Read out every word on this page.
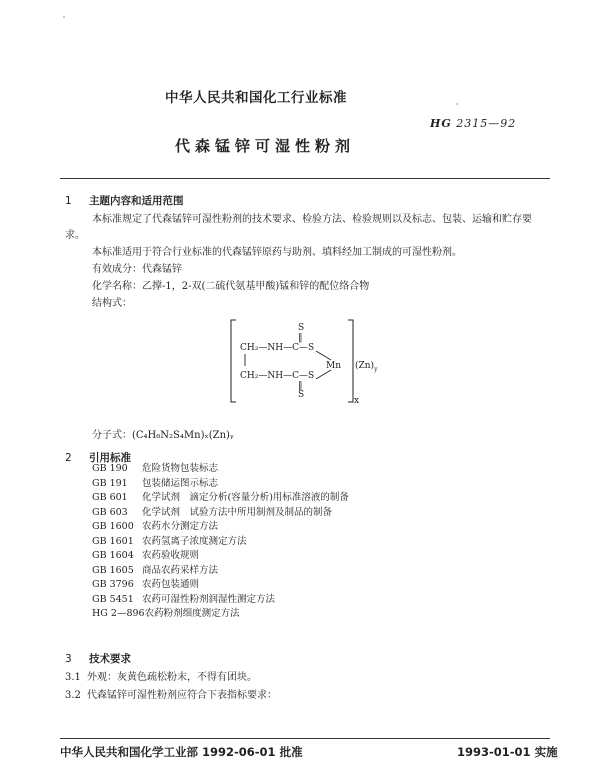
中华人民共和国化工行业标准
HG 2315—92
代森锰锌可湿性粉剂
1 主题内容和适用范围
本标准规定了代森锰锌可湿性粉剂的技术要求、检验方法、检验规则以及标志、包装、运输和贮存要求。
本标准适用于符合行业标准的代森锰锌原药与助剂、填料经加工制成的可湿性粉剂。
有效成分：代森锰锌
化学名称：乙撑-1，2-双(二硫代氨基甲酸)锰和锌的配位络合物
结构式：
S
‖
CH₂—NH—C—S
Mn
CH₂—NH—C—S
‖
S
$(Zn)_y$
x
分子式：(C₄H₆N₂S₄Mn)ₓ(Zn)ᵧ
2 引用标准
GB 190 危险货物包装标志
GB 191 包装储运图示标志
GB 601 化学试剂　滴定分析(容量分析)用标准溶液的制备
GB 603 化学试剂　试验方法中所用制剂及制品的制备
GB 1600 农药水分测定方法
GB 1601 农药氢离子浓度测定方法
GB 1604 农药验收规则
GB 1605 商品农药采样方法
GB 3796 农药包装通则
GB 5451 农药可湿性粉剂润湿性测定方法
HG 2—896农药粉剂细度测定方法
3 技术要求
3.1 外观：灰黄色疏松粉末，不得有团块。
3.2 代森锰锌可湿性粉剂应符合下表指标要求：
中华人民共和国化学工业部 1992-06-01 批准	1993-01-01 实施
